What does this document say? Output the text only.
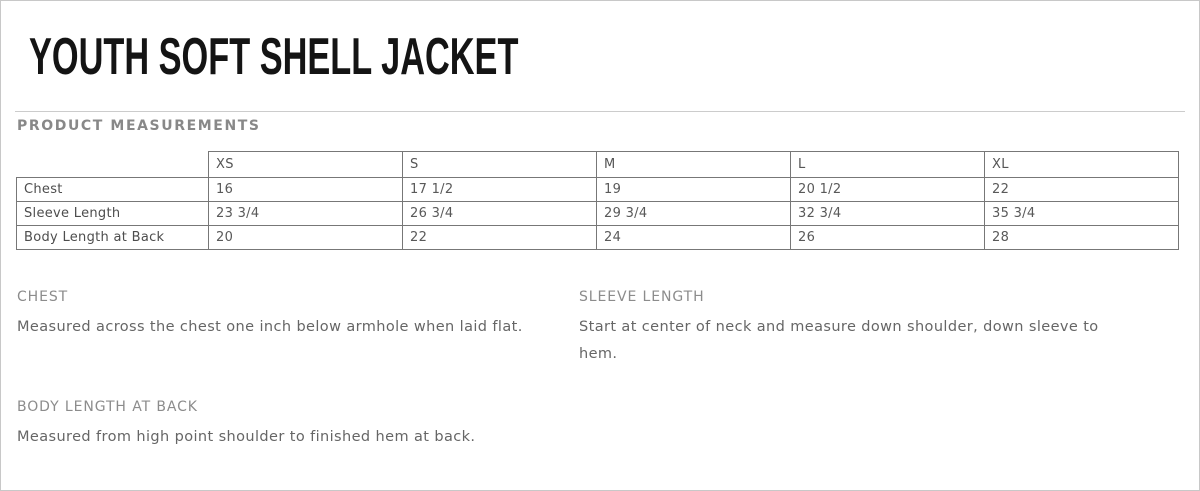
YOUTH SOFT SHELL JACKET
PRODUCT MEASUREMENTS
	XS	S	M	L	XL
Chest	16	17 1/2	19	20 1/2	22
Sleeve Length	23 3/4	26 3/4	29 3/4	32 3/4	35 3/4
Body Length at Back	20	22	24	26	28
CHEST
Measured across the chest one inch below armhole when laid flat.
SLEEVE LENGTH
Start at center of neck and measure down shoulder, down sleeve to hem.
BODY LENGTH AT BACK
Measured from high point shoulder to finished hem at back.
